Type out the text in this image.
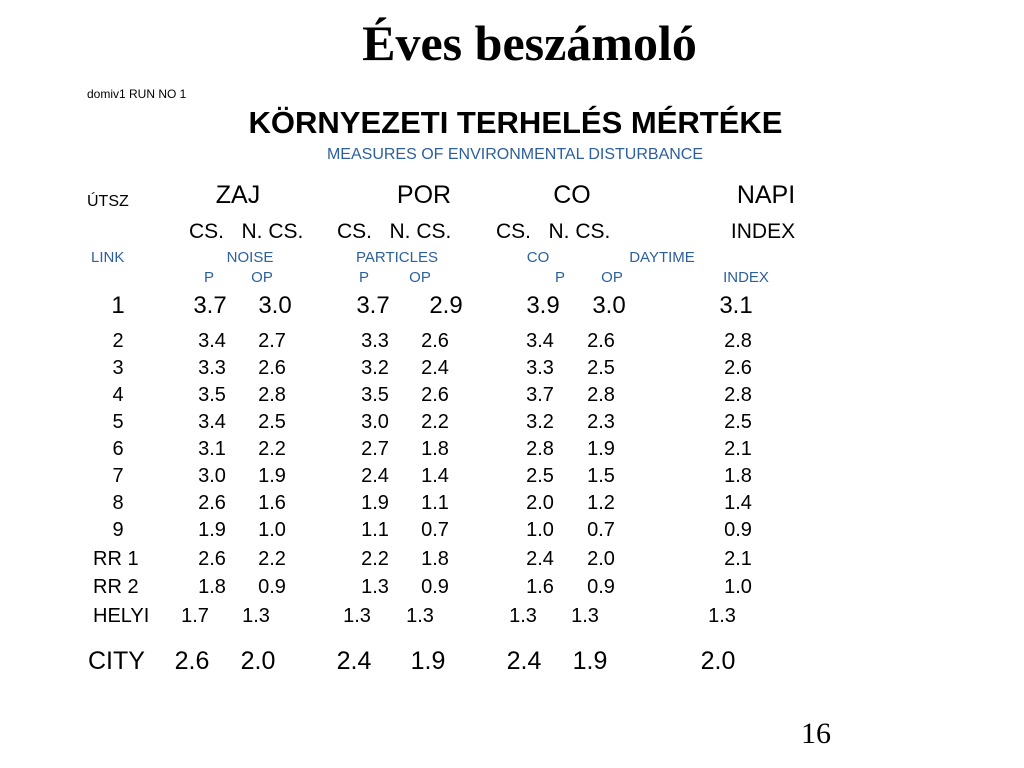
Éves beszámoló
domiv1 RUN NO 1
KÖRNYEZETI TERHELÉS MÉRTÉKE
MEASURES OF ENVIRONMENTAL DISTURBANCE
ÚTSZ	ZAJ	POR	CO	NAPI
CS.   N. CS. CS.   N. CS. CS.   N. CS.	INDEX
LINK	NOISE	PARTICLES	CO	DAYTIME
P OP	P	OP	P OP	INDEX
1	3.7 3.0	3.7 2.9	3.9 3.0	3.1
2	3.4 2.7	3.3 2.6	3.4 2.6	2.8
3	3.3 2.6	3.2 2.4	3.3 2.5	2.6
4	3.5 2.8	3.5 2.6	3.7 2.8	2.8
5	3.4 2.5	3.0 2.2	3.2 2.3	2.5
6	3.1 2.2	2.7 1.8	2.8 1.9	2.1
7	3.0 1.9	2.4 1.4	2.5 1.5	1.8
8	2.6 1.6	1.9 1.1	2.0 1.2	1.4
9	1.9 1.0	1.1 0.7	1.0 0.7	0.9
RR 1	2.6 2.2	2.2 1.8	2.4 2.0	2.1
RR 2	1.8 0.9	1.3 0.9	1.6 0.9	1.0
HELYI 1.7 1.3	1.3 1.3	1.3 1.3	1.3
CITY 2.6 2.0 2.4 1.9 2.4 1.9	2.0
16
